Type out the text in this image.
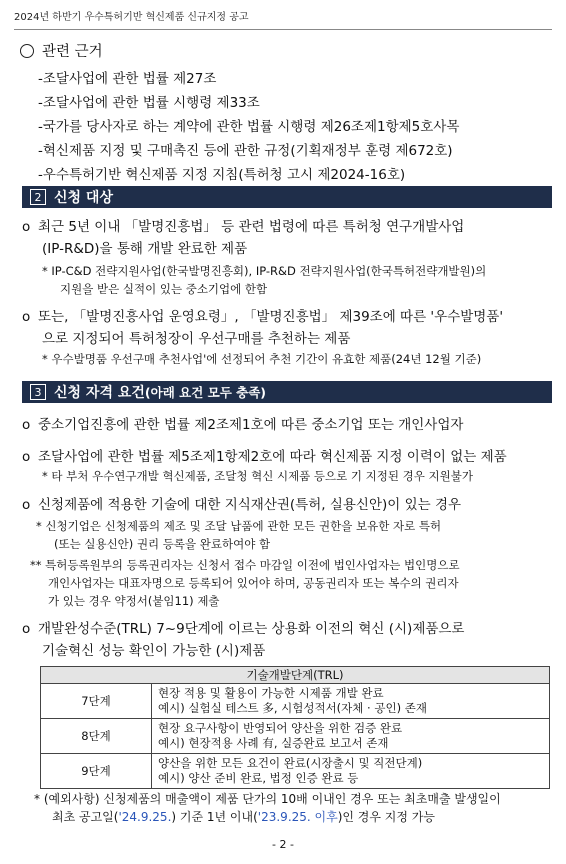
2024년 하반기 우수특허기반 혁신제품 신규지정 공고
관련 근거
-조달사업에 관한 법률 제27조
-조달사업에 관한 법률 시행령 제33조
-국가를 당사자로 하는 계약에 관한 법률 시행령 제26조제1항제5호사목
-혁신제품 지정 및 구매촉진 등에 관한 규정(기획재정부 훈령 제672호)
-우수특허기반 혁신제품 지정 지침(특허청 고시 제2024-16호)
2 신청 대상
o 최근 5년 이내 「발명진흥법」 등 관련 법령에 따른 특허청 연구개발사업
(IP-R&D)을 통해 개발 완료한 제품
* IP-C&D 전략지원사업(한국발명진흥회), IP-R&D 전략지원사업(한국특허전략개발원)의
지원을 받은 실적이 있는 중소기업에 한함
o 또는, 「발명진흥사업 운영요령」, 「발명진흥법」 제39조에 따른 '우수발명품'
으로 지정되어 특허청장이 우선구매를 추천하는 제품
* 우수발명품 우선구매 추천사업'에 선정되어 추천 기간이 유효한 제품(24년 12월 기준)
3 신청 자격 요건 (아래 요건 모두 충족)
o 중소기업진흥에 관한 법률 제2조제1호에 따른 중소기업 또는 개인사업자
o 조달사업에 관한 법률 제5조제1항제2호에 따라 혁신제품 지정 이력이 없는 제품
* 타 부처 우수연구개발 혁신제품, 조달청 혁신 시제품 등으로 기 지정된 경우 지원불가
o 신청제품에 적용한 기술에 대한 지식재산권(특허, 실용신안)이 있는 경우
* 신청기업은 신청제품의 제조 및 조달 납품에 관한 모든 권한을 보유한 자로 특허
(또는 실용신안) 권리 등록을 완료하여야 함
** 특허등록원부의 등록권리자는 신청서 접수 마감일 이전에 법인사업자는 법인명으로
개인사업자는 대표자명으로 등록되어 있어야 하며, 공동권리자 또는 복수의 권리자
가 있는 경우 약정서(붙임11) 제출
o 개발완성수준(TRL) 7~9단계에 이르는 상용화 이전의 혁신 (시)제품으로
기술혁신 성능 확인이 가능한 (시)제품
기술개발단계(TRL)	
7단계	현장 적용 및 활용이 가능한 시제품 개발 완료
예시) 실험실 테스트 多, 시험성적서(자체 · 공인) 존재

8단계	현장 요구사항이 반영되어 양산을 위한 검증 완료
예시) 현장적용 사례 有, 실증완료 보고서 존재

9단계	양산을 위한 모든 요건이 완료(시장출시 및 직전단계)
예시) 양산 준비 완료, 법정 인증 완료 등
* (예외사항) 신청제품의 매출액이 제품 단가의 10배 이내인 경우 또는 최초매출 발생일이
최초 공고일('24.9.25.) 기준 1년 이내('23.9.25. 이후)인 경우 지정 가능
- 2 -
